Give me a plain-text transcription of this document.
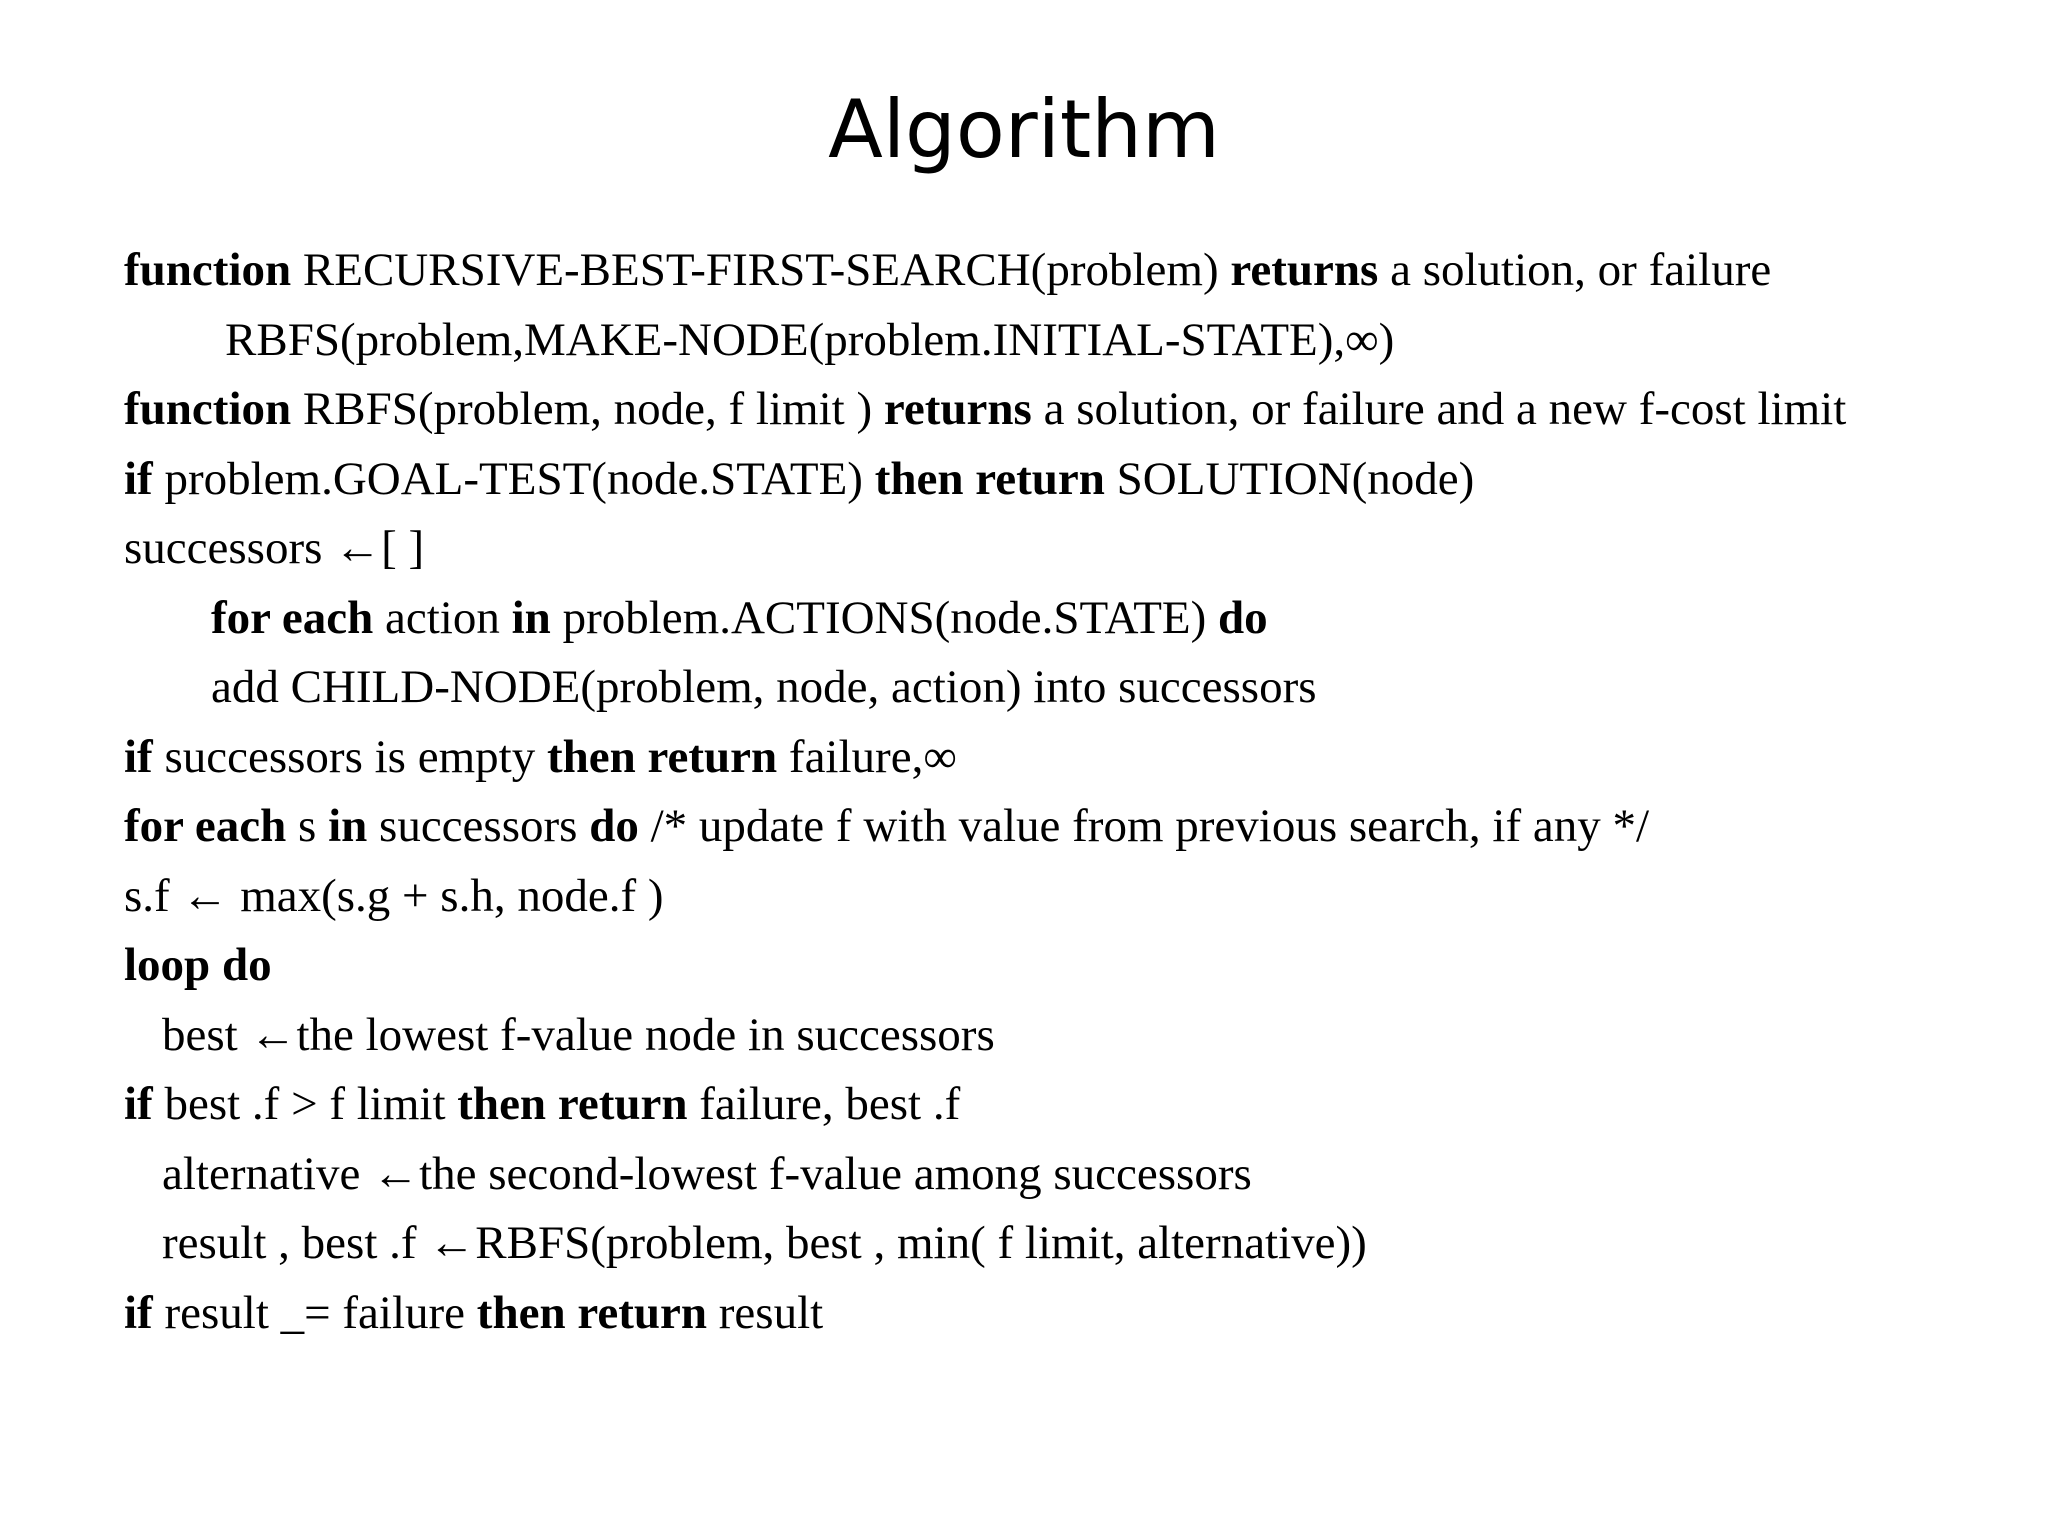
Algorithm
function RECURSIVE-BEST-FIRST-SEARCH(problem) returns a solution, or failure
RBFS(problem,MAKE-NODE(problem.INITIAL-STATE),∞)
function RBFS(problem, node, f limit ) returns a solution, or failure and a new f-cost limit
if problem.GOAL-TEST(node.STATE) then return SOLUTION(node)
successors ←[ ]
for each action in problem.ACTIONS(node.STATE) do
add CHILD-NODE(problem, node, action) into successors
if successors is empty then return failure,∞
for each s in successors do /* update f with value from previous search, if any */
s.f ← max(s.g + s.h, node.f )
loop do
best ←the lowest f-value node in successors
if best .f > f limit then return failure, best .f
alternative ←the second-lowest f-value among successors
result , best .f ←RBFS(problem, best , min( f limit, alternative))
if result _= failure then return result
